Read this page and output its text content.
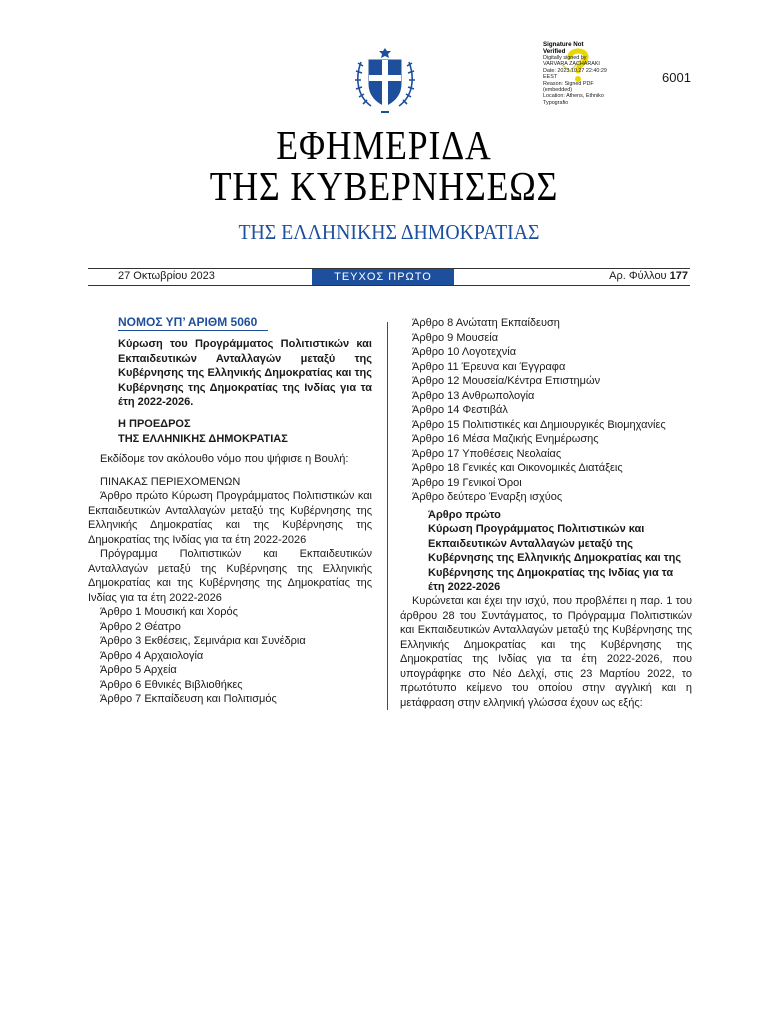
Signature Not
Verified
Digitally signed by
VARVARA ZACHARAKI
Date: 2023.10.27 22:40:29
EEST
Reason: Signed PDF
(embedded)
Location: Athens, Ethniko
Typografio
6001
ΕΦΗΜΕΡΙΔΑ
ΤΗΣ ΚΥΒΕΡΝΗΣΕΩΣ
ΤΗΣ ΕΛΛΗΝΙΚΗΣ ΔΗΜΟΚΡΑΤΙΑΣ
27 Οκτωβρίου 2023	ΤΕΥΧΟΣ ΠΡΩΤΟ	Αρ. Φύλλου 177
ΝΟΜΟΣ ΥΠ’ ΑΡΙΘΜ 5060
Κύρωση του Προγράμματος Πολιτιστικών και Εκπαιδευτικών Ανταλλαγών μεταξύ της Κυβέρνησης της Ελληνικής Δημοκρατίας και της Κυβέρνησης της Δημοκρατίας της Ινδίας για τα έτη 2022-2026.
Η ΠΡΟΕΔΡΟΣ
ΤΗΣ ΕΛΛΗΝΙΚΗΣ ΔΗΜΟΚΡΑΤΙΑΣ
Εκδίδομε τον ακόλουθο νόμο που ψήφισε η Βουλή:
ΠΙΝΑΚΑΣ ΠΕΡΙΕΧΟΜΕΝΩΝ
Άρθρο πρώτο Κύρωση Προγράμματος Πολιτιστικών και Εκπαιδευτικών Ανταλλαγών μεταξύ της Κυβέρνησης της Ελληνικής Δημοκρατίας και της Κυβέρνησης της Δημοκρατίας της Ινδίας για τα έτη 2022-2026
Πρόγραμμα Πολιτιστικών και Εκπαιδευτικών Ανταλλαγών μεταξύ της Κυβέρνησης της Ελληνικής Δημοκρατίας και της Κυβέρνησης της Δημοκρατίας της Ινδίας για τα έτη 2022-2026
Άρθρο 1 Μουσική και Χορός
Άρθρο 2 Θέατρο
Άρθρο 3 Εκθέσεις, Σεμινάρια και Συνέδρια
Άρθρο 4 Αρχαιολογία
Άρθρο 5 Αρχεία
Άρθρο 6 Εθνικές Βιβλιοθήκες
Άρθρο 7 Εκπαίδευση και Πολιτισμός
Άρθρο 8 Ανώτατη Εκπαίδευση
Άρθρο 9 Μουσεία
Άρθρο 10 Λογοτεχνία
Άρθρο 11 Έρευνα και Έγγραφα
Άρθρο 12 Μουσεία/Κέντρα Επιστημών
Άρθρο 13 Ανθρωπολογία
Άρθρο 14 Φεστιβάλ
Άρθρο 15 Πολιτιστικές και Δημιουργικές Βιομηχανίες
Άρθρο 16 Μέσα Μαζικής Ενημέρωσης
Άρθρο 17 Υποθέσεις Νεολαίας
Άρθρο 18 Γενικές και Οικονομικές Διατάξεις
Άρθρο 19 Γενικοί Όροι
Άρθρο δεύτερο Έναρξη ισχύος
Άρθρο πρώτο
Κύρωση Προγράμματος Πολιτιστικών και Εκπαιδευτικών Ανταλλαγών μεταξύ της Κυβέρνησης της Ελληνικής Δημοκρατίας και της Κυβέρνησης της Δημοκρατίας της Ινδίας για τα έτη 2022-2026
Κυρώνεται και έχει την ισχύ, που προβλέπει η παρ. 1 του άρθρου 28 του Συντάγματος, το Πρόγραμμα Πολιτιστικών και Εκπαιδευτικών Ανταλλαγών μεταξύ της Κυβέρνησης της Ελληνικής Δημοκρατίας και της Κυβέρνησης της Δημοκρατίας της Ινδίας για τα έτη 2022-2026, που υπογράφηκε στο Νέο Δελχί, στις 23 Μαρτίου 2022, το πρωτότυπο κείμενο του οποίου στην αγγλική και η μετάφραση στην ελληνική γλώσσα έχουν ως εξής:
